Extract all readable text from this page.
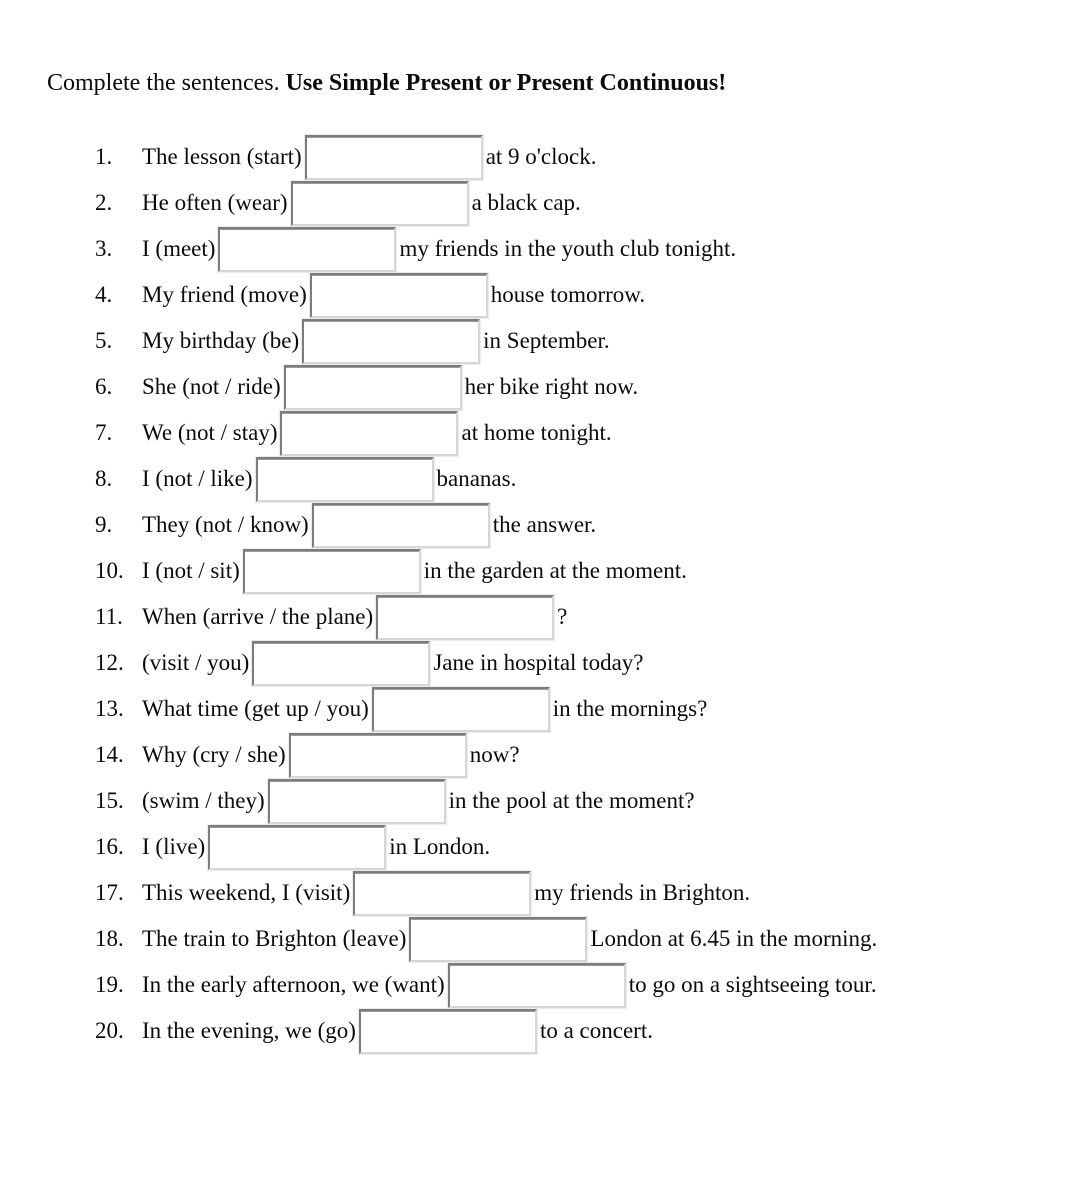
Complete the sentences. Use Simple Present or Present Continuous!

1.	The lesson (start)	at 9 o'clock.
2.	He often (wear)	a black cap.
3.	I (meet)	my friends in the youth club tonight.
4.	My friend (move)	house tomorrow.
5.	My birthday (be)	in September.
6.	She (not / ride)	her bike right now.
7.	We (not / stay)	at home tonight.
8.	I (not / like)	bananas.
9.	They (not / know)	the answer.
10. I (not / sit)	in the garden at the moment.
11. When (arrive / the plane)	?
12. (visit / you)	Jane in hospital today?
13. What time (get up / you)	in the mornings?
14. Why (cry / she)	now?
15. (swim / they)	in the pool at the moment?
16. I (live)	in London.
17. This weekend, I (visit)	my friends in Brighton.
18. The train to Brighton (leave)	London at 6.45 in the morning.
19. In the early afternoon, we (want)	to go on a sightseeing tour.
20. In the evening, we (go)	to a concert.
